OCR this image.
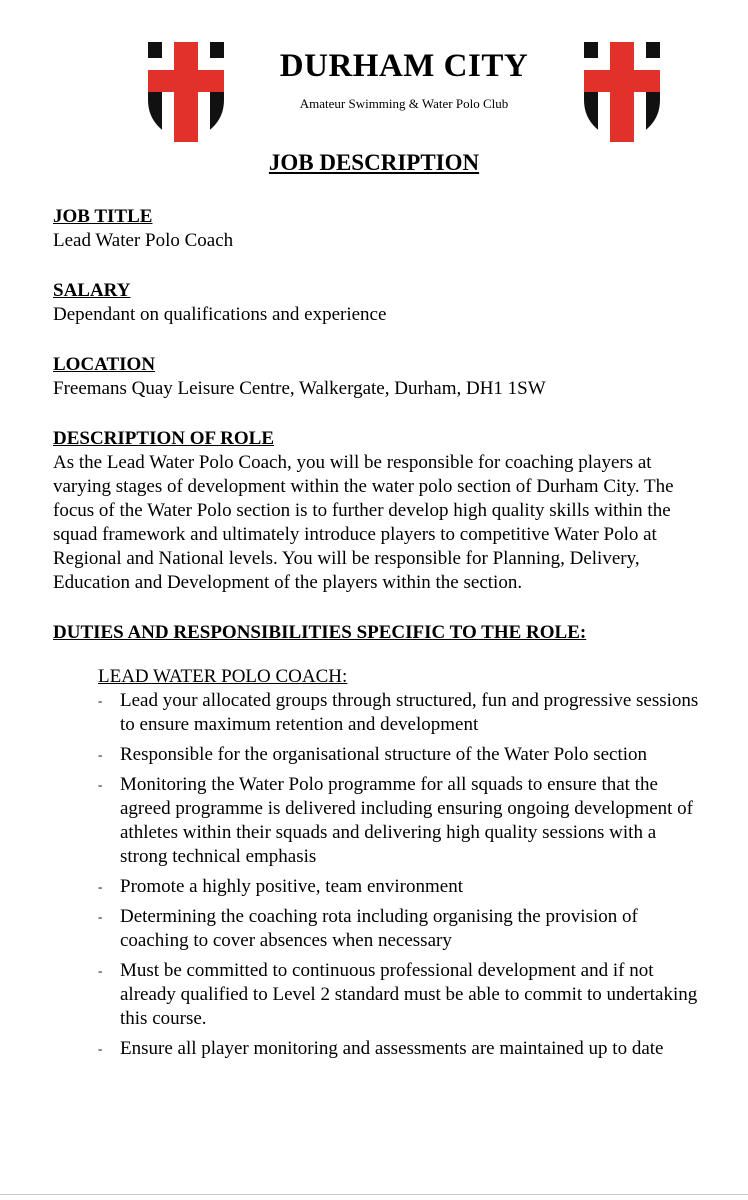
DURHAM CITY
Amateur Swimming & Water Polo Club
JOB DESCRIPTION
JOB TITLE
Lead Water Polo Coach
SALARY
Dependant on qualifications and experience
LOCATION
Freemans Quay Leisure Centre, Walkergate, Durham, DH1 1SW
DESCRIPTION OF ROLE
As the Lead Water Polo Coach, you will be responsible for coaching players at varying stages of development within the water polo section of Durham City. The focus of the Water Polo section is to further develop high quality skills within the squad framework and ultimately introduce players to competitive Water Polo at Regional and National levels. You will be responsible for Planning, Delivery, Education and Development of the players within the section.
DUTIES AND RESPONSIBILITIES SPECIFIC TO THE ROLE:
LEAD WATER POLO COACH:
- Lead your allocated groups through structured, fun and progressive sessions to ensure maximum retention and development
- Responsible for the organisational structure of the Water Polo section
- Monitoring the Water Polo programme for all squads to ensure that the agreed programme is delivered including ensuring ongoing development of athletes within their squads and delivering high quality sessions with a strong technical emphasis
- Promote a highly positive, team environment
- Determining the coaching rota including organising the provision of coaching to cover absences when necessary
- Must be committed to continuous professional development and if not already qualified to Level 2 standard must be able to commit to undertaking this course.
- Ensure all player monitoring and assessments are maintained up to date
